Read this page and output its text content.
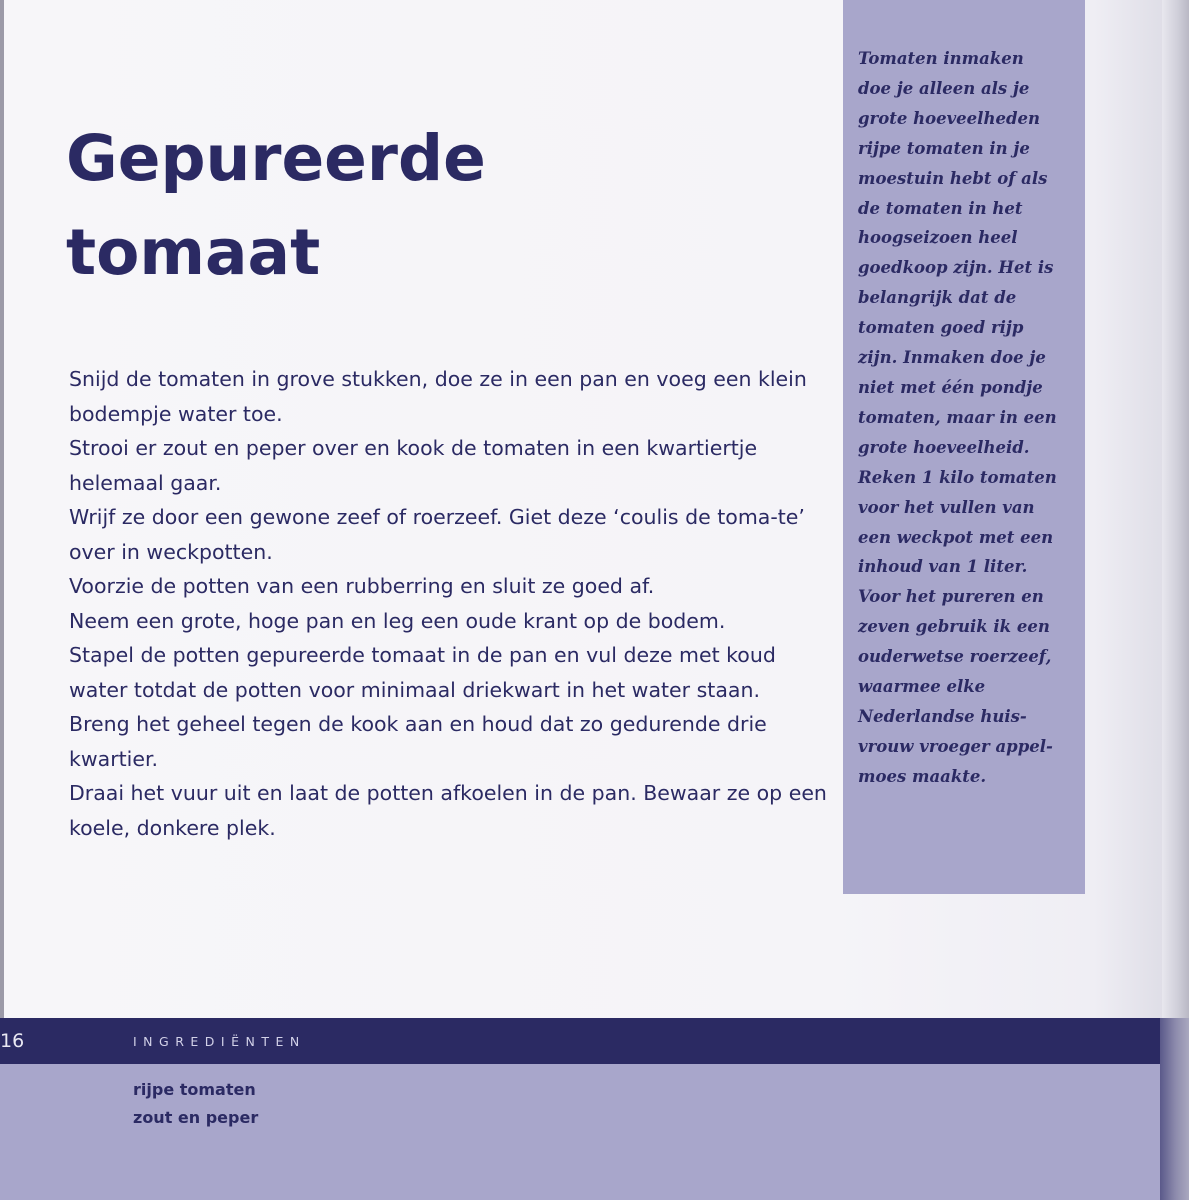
Gepureerde
tomaat

Snijd de tomaten in grove stukken, doe ze in een pan en voeg een klein bodempje water toe.

Strooi er zout en peper over en kook de tomaten in een kwartiertje helemaal gaar.

Wrijf ze door een gewone zeef of roerzeef. Giet deze ‘coulis de toma-te’ over in weckpotten.

Voorzie de potten van een rubberring en sluit ze goed af.

Neem een grote, hoge pan en leg een oude krant op de bodem.

Stapel de potten gepureerde tomaat in de pan en vul deze met koud water totdat de potten voor minimaal driekwart in het water staan.

Breng het geheel tegen de kook aan en houd dat zo gedurende drie kwartier.

Draai het vuur uit en laat de potten afkoelen in de pan. Bewaar ze op een koele, donkere plek.

Tomaten inmaken
doe je alleen als je
grote hoeveelheden
rijpe tomaten in je
moestuin hebt of als
de tomaten in het
hoogseizoen heel
goedkoop zijn. Het is
belangrijk dat de
tomaten goed rijp
zijn. Inmaken doe je
niet met één pondje
tomaten, maar in een
grote hoeveelheid.
Reken 1 kilo tomaten
voor het vullen van
een weckpot met een
inhoud van 1 liter.
Voor het pureren en
zeven gebruik ik een
ouderwetse roerzeef,
waarmee elke
Nederlandse huis-
vrouw vroeger appel-
moes maakte.

16	INGREDIËNTEN
rijpe tomaten
zout en peper
